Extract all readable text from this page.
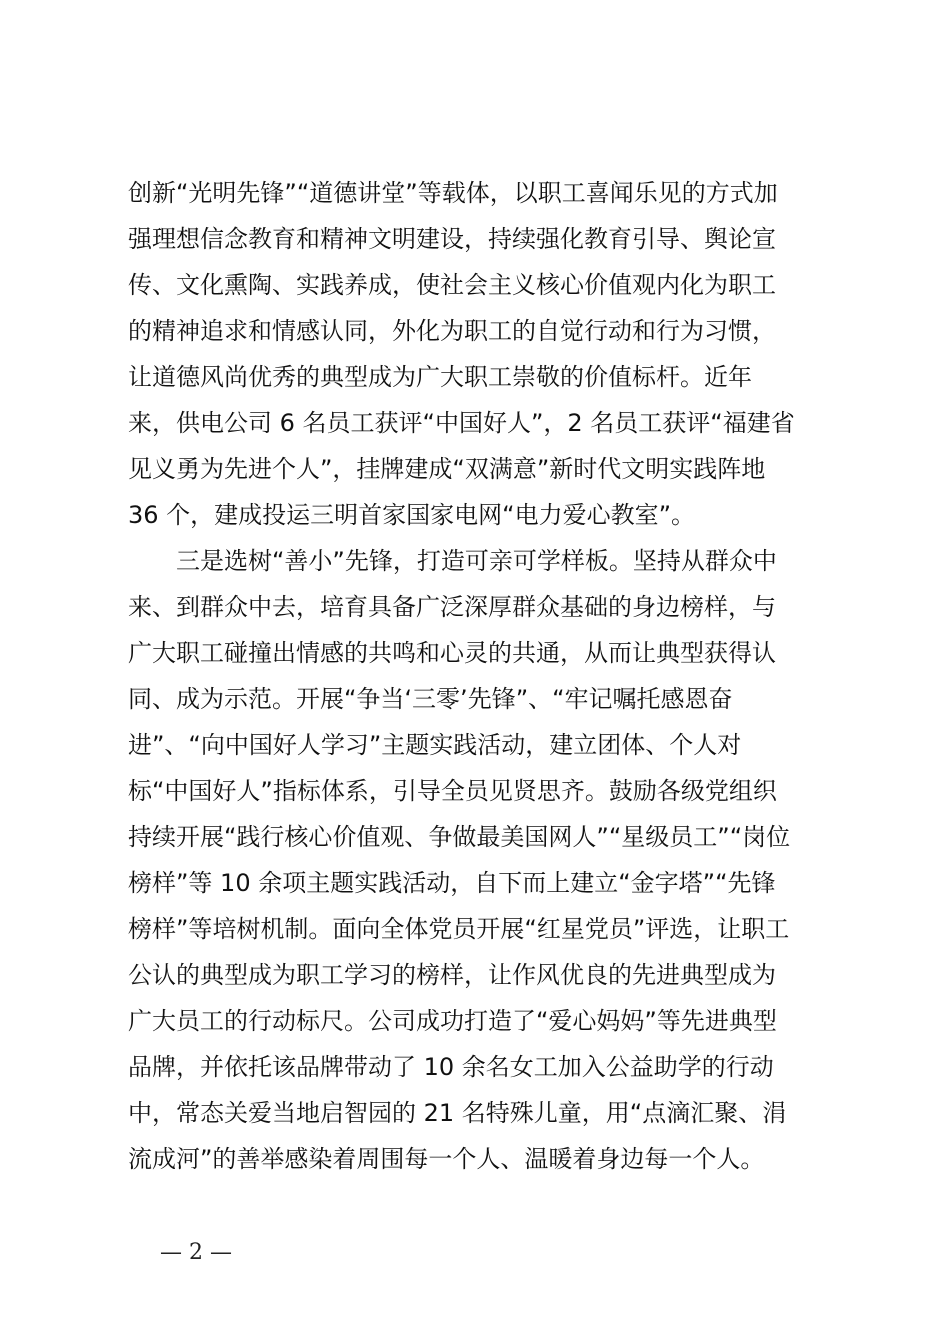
创新“光明先锋”“道德讲堂”等载体，以职工喜闻乐见的方式加
强理想信念教育和精神文明建设，持续强化教育引导、舆论宣
传、文化熏陶、实践养成，使社会主义核心价值观内化为职工
的精神追求和情感认同，外化为职工的自觉行动和行为习惯，
让道德风尚优秀的典型成为广大职工崇敬的价值标杆。近年
来，供电公司 6 名员工获评“中国好人”，2 名员工获评“福建省
见义勇为先进个人”，挂牌建成“双满意”新时代文明实践阵地
36 个，建成投运三明首家国家电网“电力爱心教室”。
三是选树“善小”先锋，打造可亲可学样板。坚持从群众中
来、到群众中去，培育具备广泛深厚群众基础的身边榜样，与
广大职工碰撞出情感的共鸣和心灵的共通，从而让典型获得认
同、成为示范。开展“争当‘三零’先锋”、“牢记嘱托感恩奋
进”、“向中国好人学习”主题实践活动，建立团体、个人对
标“中国好人”指标体系，引导全员见贤思齐。鼓励各级党组织
持续开展“践行核心价值观、争做最美国网人”“星级员工”“岗位
榜样”等 10 余项主题实践活动，自下而上建立“金字塔”“先锋
榜样”等培树机制。面向全体党员开展“红星党员”评选，让职工
公认的典型成为职工学习的榜样，让作风优良的先进典型成为
广大员工的行动标尺。公司成功打造了“爱心妈妈”等先进典型
品牌，并依托该品牌带动了 10 余名女工加入公益助学的行动
中，常态关爱当地启智园的 21 名特殊儿童，用“点滴汇聚、涓
流成河”的善举感染着周围每一个人、温暖着身边每一个人。
— 2 —
